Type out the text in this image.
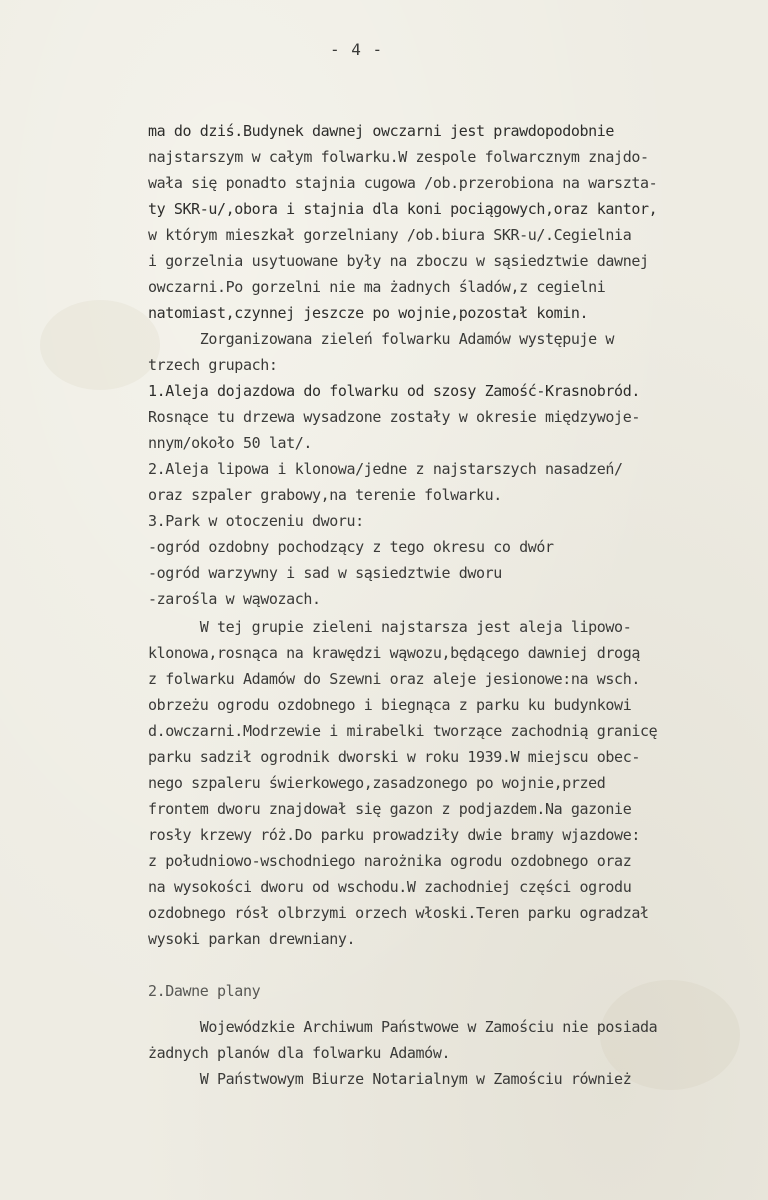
- 4 -
ma do dziś.Budynek dawnej owczarni jest prawdopodobnie
najstarszym w całym folwarku.W zespole folwarcznym znajdo-
wała się ponadto stajnia cugowa /ob.przerobiona na warszta-
ty SKR-u/,obora i stajnia dla koni pociągowych,oraz kantor,
w którym mieszkał gorzelniany /ob.biura SKR-u/.Cegielnia
i gorzelnia usytuowane były na zboczu w sąsiedztwie dawnej
owczarni.Po gorzelni nie ma żadnych śladów,z cegielni
natomiast,czynnej jeszcze po wojnie,pozostał komin.
Zorganizowana zieleń folwarku Adamów występuje w
trzech grupach:
1.Aleja dojazdowa do folwarku od szosy Zamość-Krasnobród.
Rosnące tu drzewa wysadzone zostały w okresie międzywoje-
nnym/około 50 lat/.
2.Aleja lipowa i klonowa/jedne z najstarszych nasadzeń/
oraz szpaler grabowy,na terenie folwarku.
3.Park w otoczeniu dworu:
-ogród ozdobny pochodzący z tego okresu co dwór
-ogród warzywny i sad w sąsiedztwie dworu
-zarośla w wąwozach.
W tej grupie zieleni najstarsza jest aleja lipowo-
klonowa,rosnąca na krawędzi wąwozu,będącego dawniej drogą
z folwarku Adamów do Szewni oraz aleje jesionowe:na wsch.
obrzeżu ogrodu ozdobnego i biegnąca z parku ku budynkowi
d.owczarni.Modrzewie i mirabelki tworzące zachodnią granicę
parku sadził ogrodnik dworski w roku 1939.W miejscu obec-
nego szpaleru świerkowego,zasadzonego po wojnie,przed
frontem dworu znajdował się gazon z podjazdem.Na gazonie
rosły krzewy róż.Do parku prowadziły dwie bramy wjazdowe:
z południowo-wschodniego narożnika ogrodu ozdobnego oraz
na wysokości dworu od wschodu.W zachodniej części ogrodu
ozdobnego rósł olbrzymi orzech włoski.Teren parku ogradzał
wysoki parkan drewniany.
2.Dawne plany
Wojewódzkie Archiwum Państwowe w Zamościu nie posiada
żadnych planów dla folwarku Adamów.
W Państwowym Biurze Notarialnym w Zamościu również
